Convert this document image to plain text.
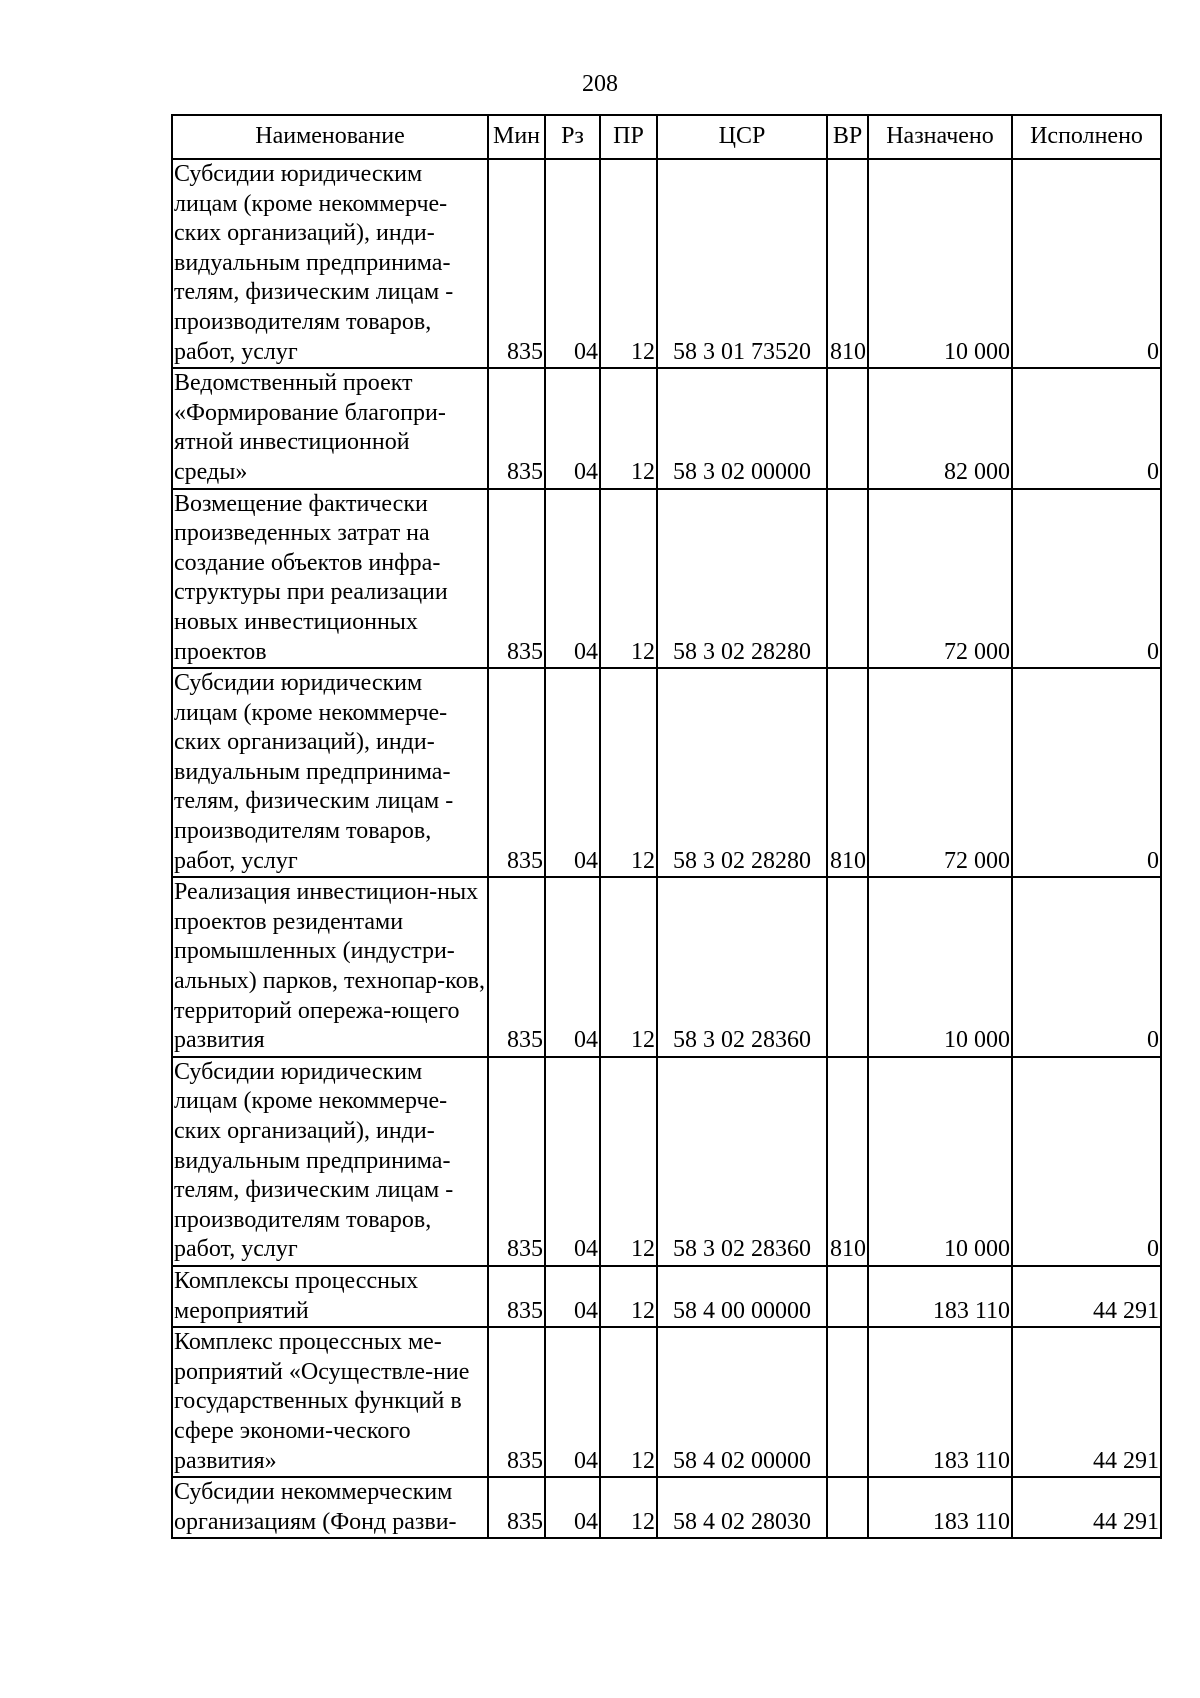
208
Наименование	Мин	Рз	ПР	ЦСР	ВР	Назначено	Исполнено
Субсидии юридическим лицам (кроме некоммерче-ских организаций), инди-видуальным предпринима-телям, физическим лицам - производителям товаров, работ, услуг	835	04	12	58 3 01 73520	810	10 000	0
Ведомственный проект «Формирование благопри-ятной инвестиционной среды»	835	04	12	58 3 02 00000		82 000	0
Возмещение фактически произведенных затрат на создание объектов инфра-структуры при реализации новых инвестиционных проектов	835	04	12	58 3 02 28280		72 000	0
Субсидии юридическим лицам (кроме некоммерче-ских организаций), инди-видуальным предпринима-телям, физическим лицам - производителям товаров, работ, услуг	835	04	12	58 3 02 28280	810	72 000	0
Реализация инвестицион-ных проектов резидентами промышленных (индустри-альных) парков, технопар-ков, территорий опережа-ющего развития	835	04	12	58 3 02 28360		10 000	0
Субсидии юридическим лицам (кроме некоммерче-ских организаций), инди-видуальным предпринима-телям, физическим лицам - производителям товаров, работ, услуг	835	04	12	58 3 02 28360	810	10 000	0
Комплексы процессных мероприятий	835	04	12	58 4 00 00000		183 110	44 291
Комплекс процессных ме-роприятий «Осуществле-ние государственных функций в сфере экономи-ческого развития»	835	04	12	58 4 02 00000		183 110	44 291
Субсидии некоммерческим организациям (Фонд разви-	835	04	12	58 4 02 28030		183 110	44 291
